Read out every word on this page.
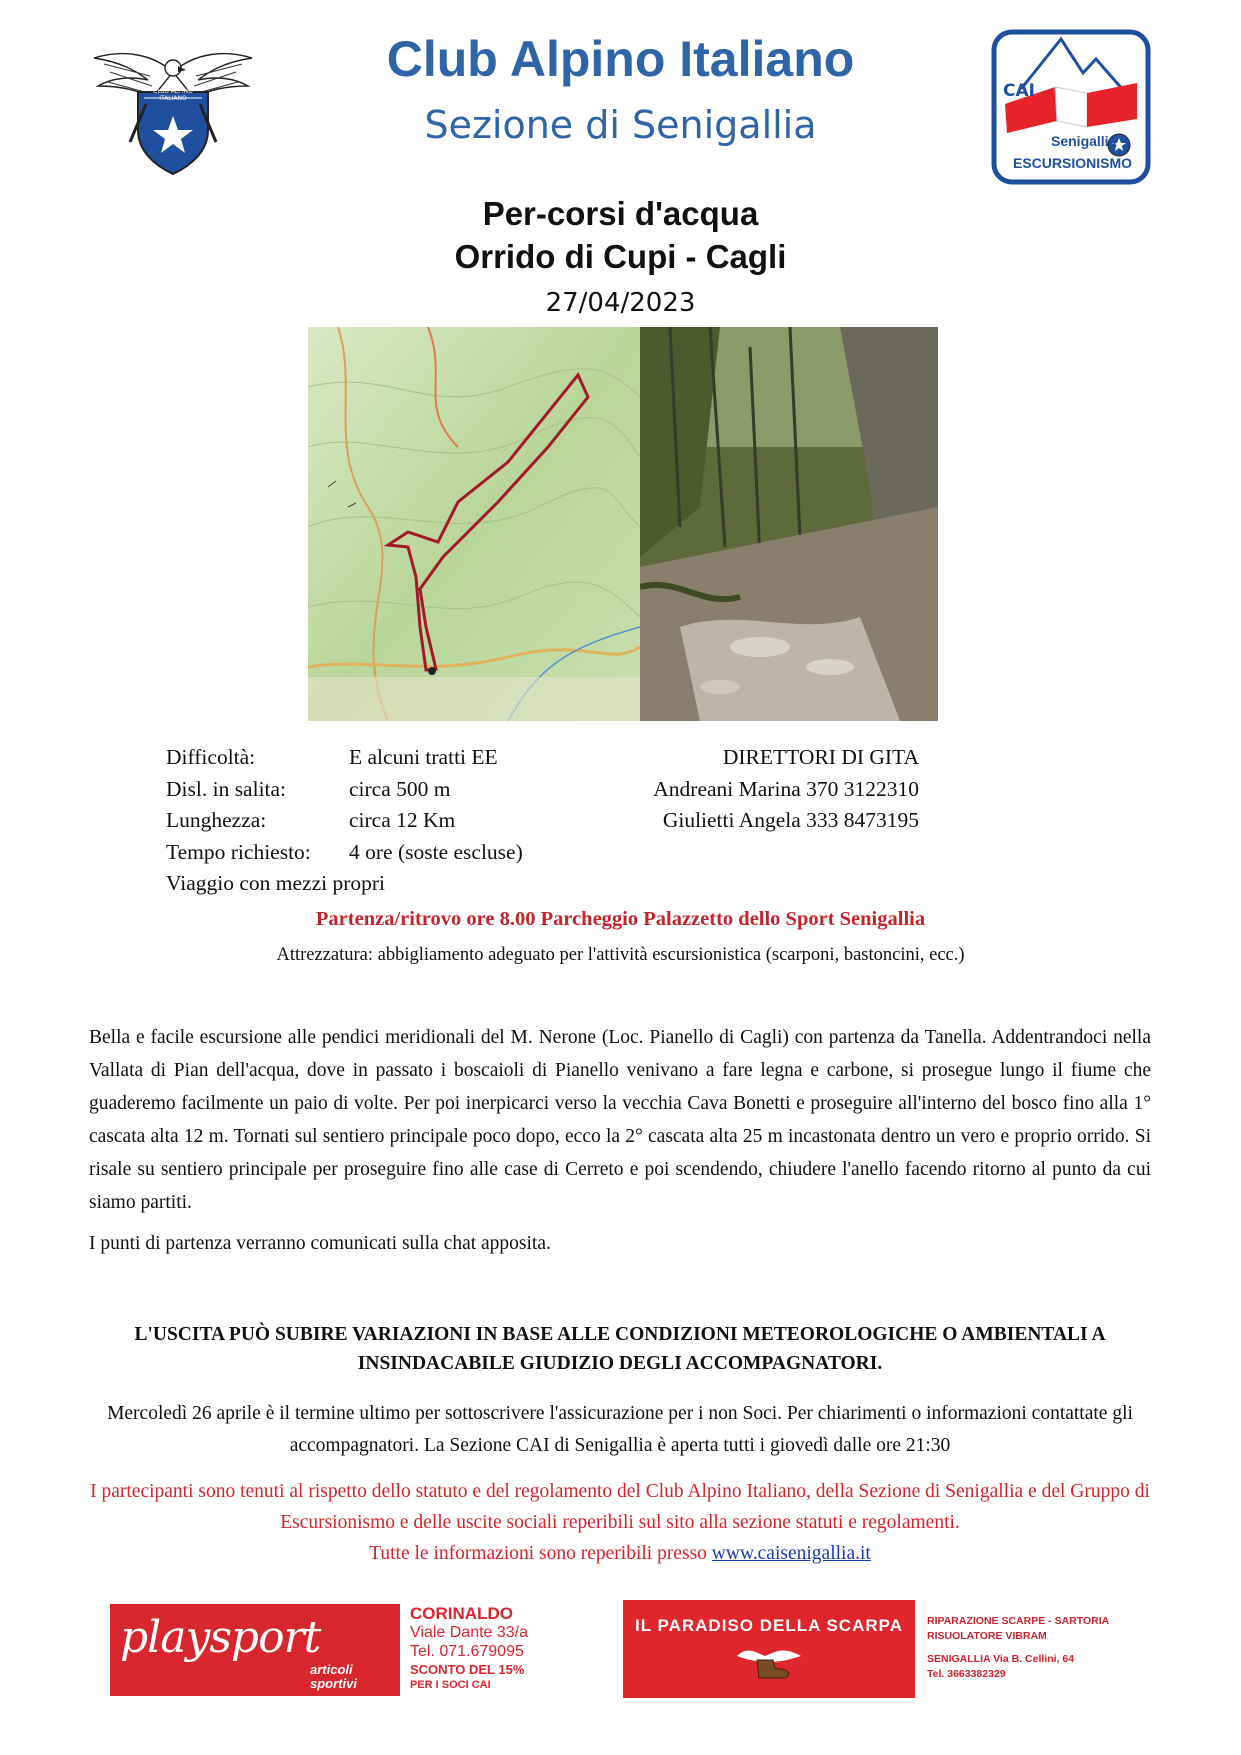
CLUB ALPINO ITALIANO
Club Alpino Italiano
Sezione di Senigallia
CAI
Senigallia
ESCURSIONISMO
Per-corsi d'acqua
Orrido di Cupi - Cagli
27/04/2023
Difficoltà:
Disl. in salita:
Lunghezza:
Tempo richiesto:
Viaggio con mezzi propri
E alcuni tratti EE
circa 500 m
circa 12 Km
4 ore (soste escluse)
DIRETTORI DI GITA
Andreani Marina 370 3122310
Giulietti Angela 333 8473195
Partenza/ritrovo ore 8.00 Parcheggio Palazzetto dello Sport Senigallia
Attrezzatura: abbigliamento adeguato per l'attività escursionistica (scarponi, bastoncini, ecc.)

Bella e facile escursione alle pendici meridionali del M. Nerone (Loc. Pianello di Cagli) con partenza da Tanella. Addentrandoci nella Vallata di Pian dell'acqua, dove in passato i boscaioli di Pianello venivano a fare legna e carbone, si prosegue lungo il fiume che guaderemo facilmente un paio di volte. Per poi inerpicarci verso la vecchia Cava Bonetti e proseguire all'interno del bosco fino alla 1° cascata alta 12 m. Tornati sul sentiero principale poco dopo, ecco la 2° cascata alta 25 m incastonata dentro un vero e proprio orrido. Si risale su sentiero principale per proseguire fino alle case di Cerreto e poi scendendo, chiudere l'anello facendo ritorno al punto da cui siamo partiti.

I punti di partenza verranno comunicati sulla chat apposita.

L'USCITA PUÒ SUBIRE VARIAZIONI IN BASE ALLE CONDIZIONI METEOROLOGICHE O AMBIENTALI A INSINDACABILE GIUDIZIO DEGLI ACCOMPAGNATORI.
Mercoledì 26 aprile è il termine ultimo per sottoscrivere l'assicurazione per i non Soci. Per chiarimenti o informazioni contattate gli accompagnatori. La Sezione CAI di Senigallia è aperta tutti i giovedì dalle ore 21:30
I partecipanti sono tenuti al rispetto dello statuto e del regolamento del Club Alpino Italiano, della Sezione di Senigallia e del Gruppo di Escursionismo e delle uscite sociali reperibili sul sito alla sezione statuti e regolamenti.
Tutte le informazioni sono reperibili presso www.caisenigallia.it
playsport
articoli
sportivi
CORINALDO
Viale Dante 33/a
Tel. 071.679095
SCONTO DEL 15%
PER I SOCI CAI
IL PARADISO DELLA SCARPA	RIPARAZIONE SCARPE - SARTORIA
RISUOLATORE VIBRAM
SENIGALLIA Via B. Cellini, 64
Tel. 3663382329
